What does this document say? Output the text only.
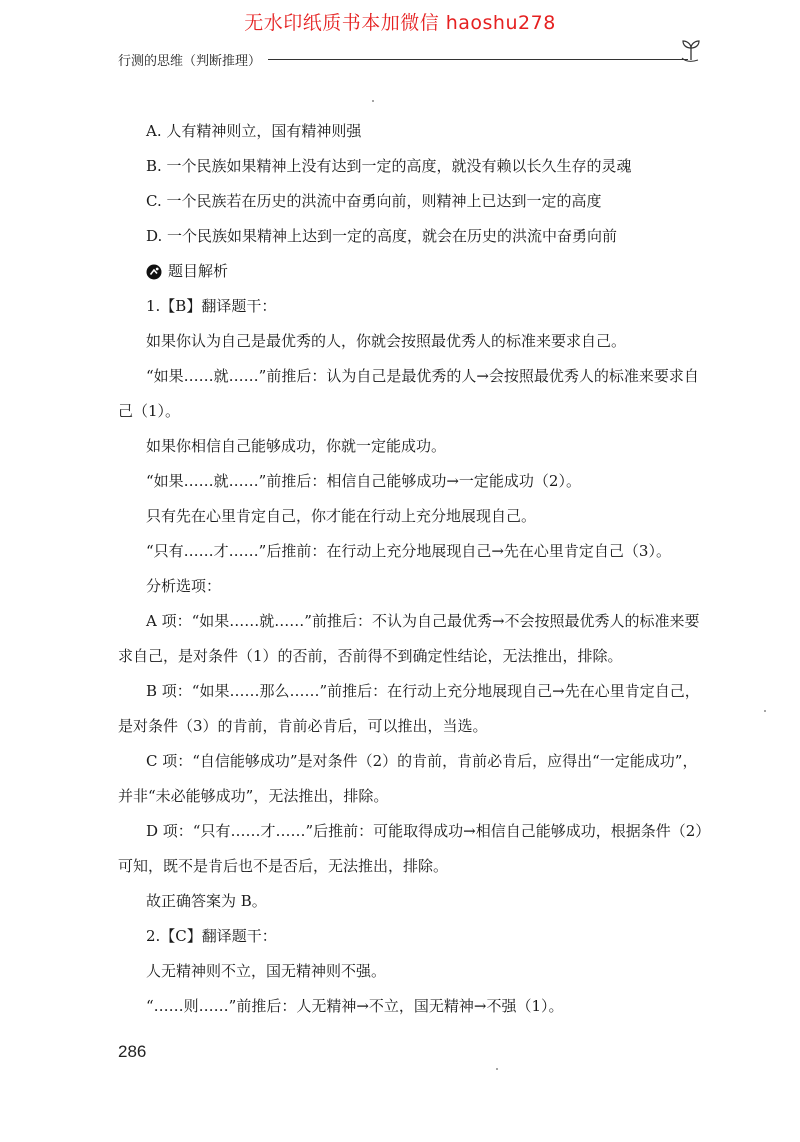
无水印纸质书本加微信 haoshu278
行测的思维（判断推理）

A. 人有精神则立，国有精神则强

B. 一个民族如果精神上没有达到一定的高度，就没有赖以长久生存的灵魂

C. 一个民族若在历史的洪流中奋勇向前，则精神上已达到一定的高度

D. 一个民族如果精神上达到一定的高度，就会在历史的洪流中奋勇向前

题目解析

1.【B】翻译题干：

如果你认为自己是最优秀的人，你就会按照最优秀人的标准来要求自己。

“如果……就……”前推后：认为自己是最优秀的人→会按照最优秀人的标准来要求自己（1）。

如果你相信自己能够成功，你就一定能成功。

“如果……就……”前推后：相信自己能够成功→一定能成功（2）。

只有先在心里肯定自己，你才能在行动上充分地展现自己。

“只有……才……”后推前：在行动上充分地展现自己→先在心里肯定自己（3）。

分析选项：

A 项：“如果……就……”前推后：不认为自己最优秀→不会按照最优秀人的标准来要求自己，是对条件（1）的否前，否前得不到确定性结论，无法推出，排除。

B 项：“如果……那么……”前推后：在行动上充分地展现自己→先在心里肯定自己，是对条件（3）的肯前，肯前必肯后，可以推出，当选。

C 项：“自信能够成功”是对条件（2）的肯前，肯前必肯后，应得出“一定能成功”，并非“未必能够成功”，无法推出，排除。

D 项：“只有……才……”后推前：可能取得成功→相信自己能够成功，根据条件（2）可知，既不是肯后也不是否后，无法推出，排除。

故正确答案为 B。

2.【C】翻译题干：

人无精神则不立，国无精神则不强。

“……则……”前推后：人无精神→不立，国无精神→不强（1）。

286
